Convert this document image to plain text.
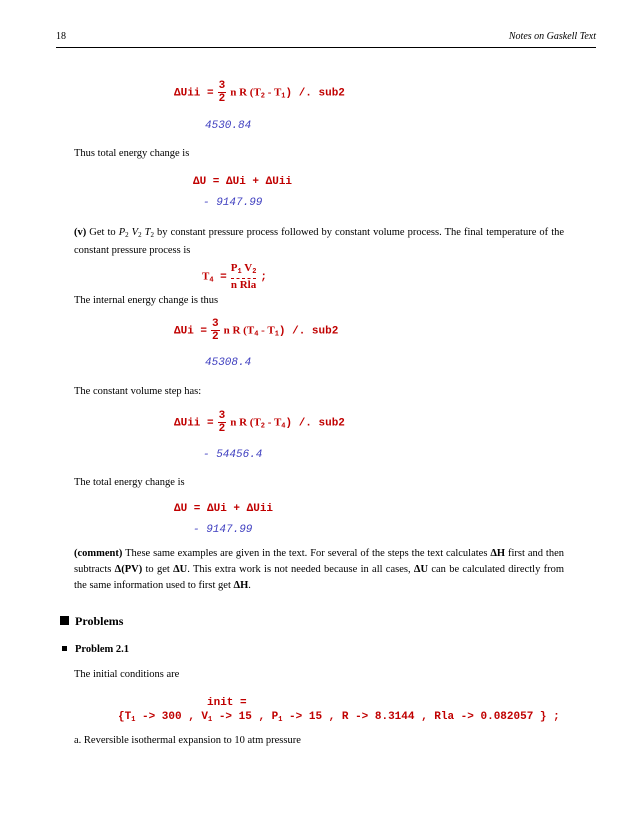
18	Notes on Gaskell Text
$\Delta Uii = \frac{3}{2}$ n R $(T_2 - T_1)$ /. sub2
4530.84
Thus total energy change is
ΔU = ΔUi + ΔUii
- 9147.99
(v) Get to $P_2$ $V_2$ $T_2$ by constant pressure process followed by constant volume process. The final temperature of the constant pressure process is
$T_4 = \frac{P_1 V_2}{\text{n Rla}}$ ;
The internal energy change is thus
$\Delta Ui = \frac{3}{2}$ n R $(T_4 - T_1)$ /. sub2
45308.4
The constant volume step has:
$\Delta Uii = \frac{3}{2}$ n R $(T_2 - T_4)$ /. sub2
- 54456.4
The total energy change is
ΔU = ΔUi + ΔUii
- 9147.99
(comment) These same examples are given in the text. For several of the steps the text calculates ΔH first and then subtracts Δ(PV) to get ΔU. This extra work is not needed because in all cases, ΔU can be calculated directly from the same information used to first get ΔH.
Problems
Problem 2.1
The initial conditions are
init =
{$T_1 -> 300$ , $V_1 -> 15$ , $P_1 -> 15$ , R -> 8.3144 , Rla -> 0.082057 } ;
a. Reversible isothermal expansion to 10 atm pressure
